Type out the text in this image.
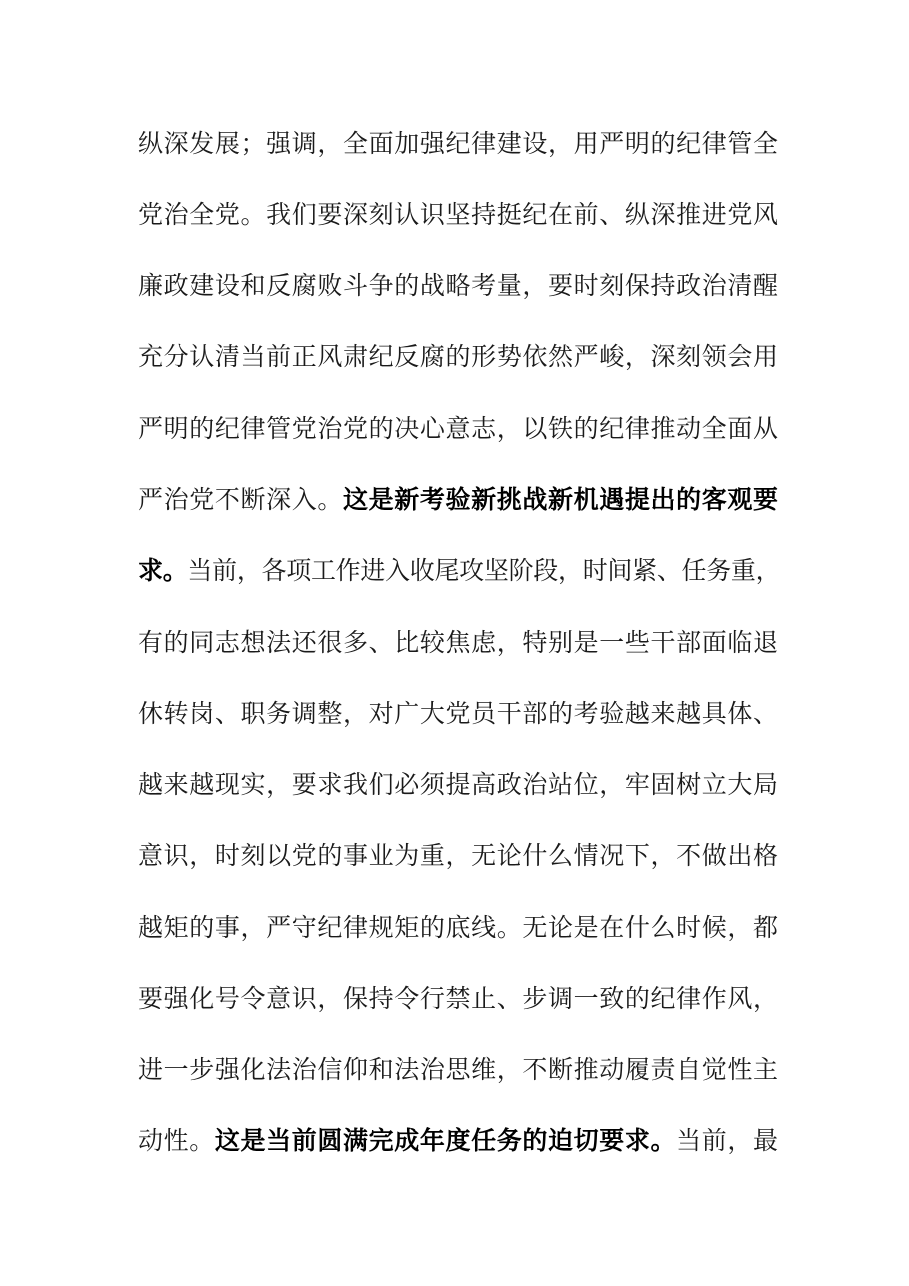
纵深发展；强调，全面加强纪律建设，用严明的纪律管全
党治全党。我们要深刻认识坚持挺纪在前、纵深推进党风
廉政建设和反腐败斗争的战略考量，要时刻保持政治清醒
充分认清当前正风肃纪反腐的形势依然严峻，深刻领会用
严明的纪律管党治党的决心意志，以铁的纪律推动全面从
严治党不断深入。这是新考验新挑战新机遇提出的客观要
求。当前，各项工作进入收尾攻坚阶段，时间紧、任务重，
有的同志想法还很多、比较焦虑，特别是一些干部面临退
休转岗、职务调整，对广大党员干部的考验越来越具体、
越来越现实，要求我们必须提高政治站位，牢固树立大局
意识，时刻以党的事业为重，无论什么情况下，不做出格
越矩的事，严守纪律规矩的底线。无论是在什么时候，都
要强化号令意识，保持令行禁止、步调一致的纪律作风，
进一步强化法治信仰和法治思维，不断推动履责自觉性主
动性。这是当前圆满完成年度任务的迫切要求。当前，最
